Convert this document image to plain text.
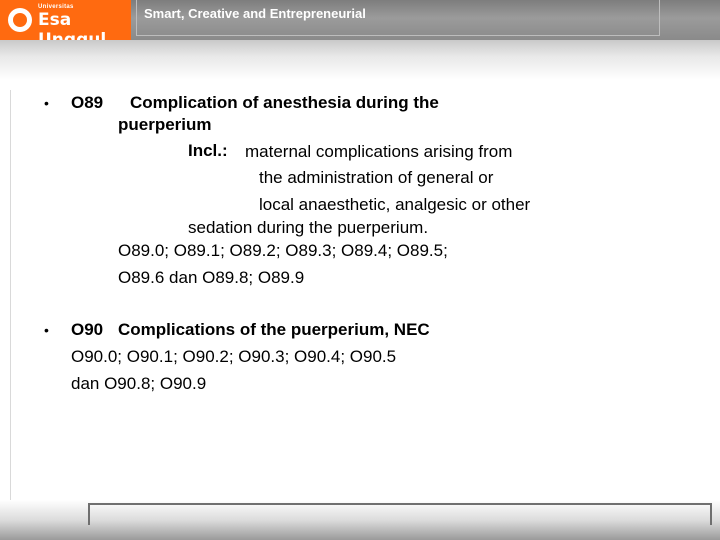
Universitas
Esa	Smart, Creative and Entrepreneurial
• O89 Complication of anesthesia during the
puerperium
Incl.: maternal complications arising from
the administration of general or
local anaesthetic, analgesic or other
sedation during the puerperium.
O89.0; O89.1; O89.2; O89.3; O89.4; O89.5;
O89.6 dan O89.8; O89.9
• O90 Complications of the puerperium, NEC
O90.0; O90.1; O90.2; O90.3; O90.4; O90.5
dan O90.8; O90.9
